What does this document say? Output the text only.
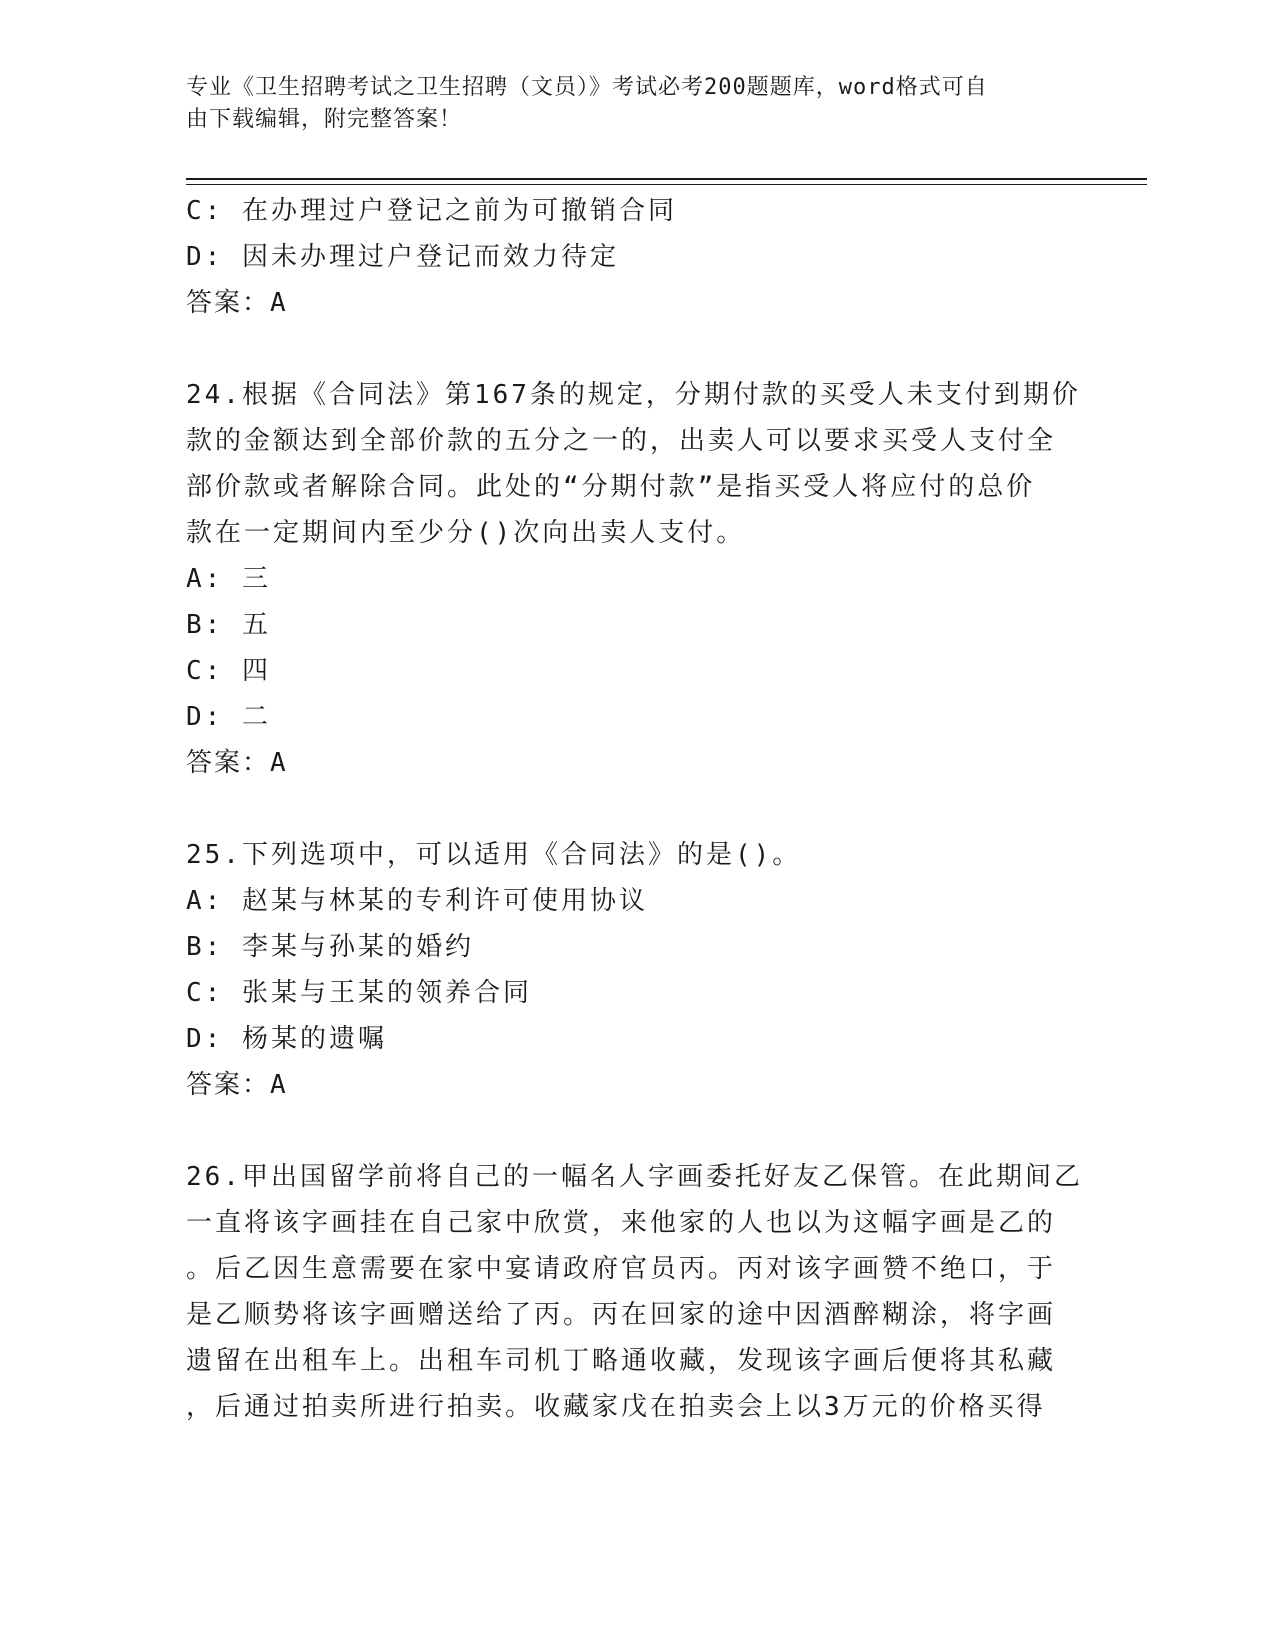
专业《卫生招聘考试之卫生招聘（文员）》考试必考200题题库，word格式可自
由下载编辑，附完整答案！
C: 在办理过户登记之前为可撤销合同
D: 因未办理过户登记而效力待定
答案：A
24.根据《合同法》第167条的规定，分期付款的买受人未支付到期价
款的金额达到全部价款的五分之一的，出卖人可以要求买受人支付全
部价款或者解除合同。此处的“分期付款”是指买受人将应付的总价
款在一定期间内至少分()次向出卖人支付。
A: 三
B: 五
C: 四
D: 二
答案：A
25.下列选项中，可以适用《合同法》的是()。
A: 赵某与林某的专利许可使用协议
B: 李某与孙某的婚约
C: 张某与王某的领养合同
D: 杨某的遗嘱
答案：A
26.甲出国留学前将自己的一幅名人字画委托好友乙保管。在此期间乙
一直将该字画挂在自己家中欣赏，来他家的人也以为这幅字画是乙的
。后乙因生意需要在家中宴请政府官员丙。丙对该字画赞不绝口，于
是乙顺势将该字画赠送给了丙。丙在回家的途中因酒醉糊涂，将字画
遗留在出租车上。出租车司机丁略通收藏，发现该字画后便将其私藏
，后通过拍卖所进行拍卖。收藏家戊在拍卖会上以3万元的价格买得
